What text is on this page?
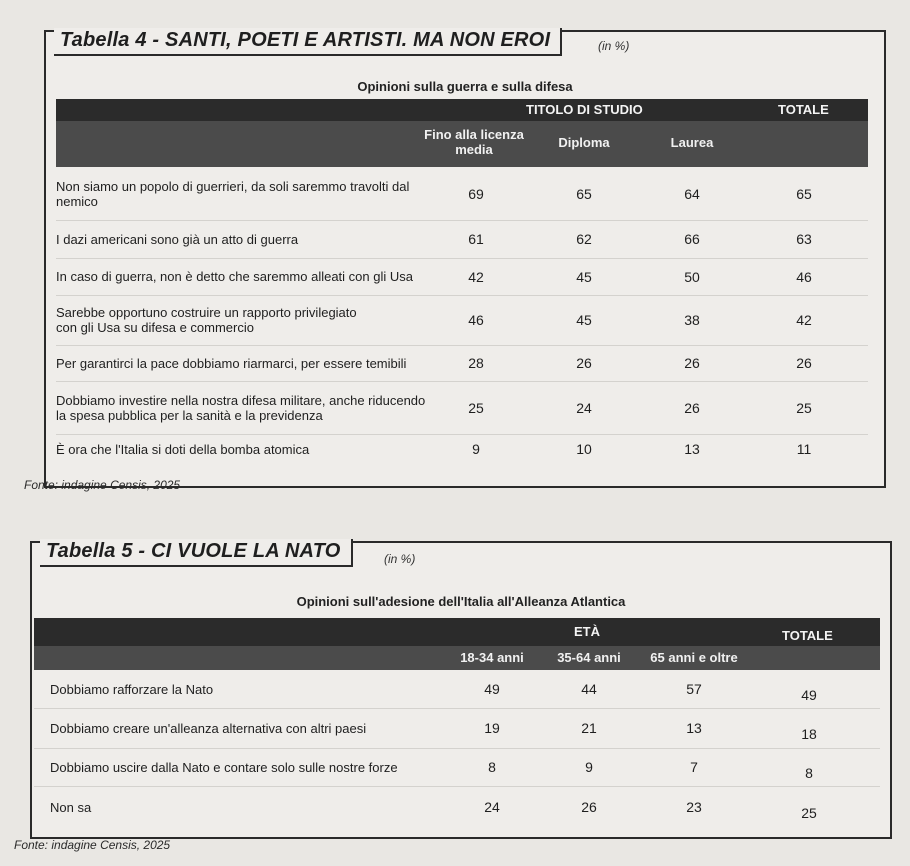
Tabella 4 - SANTI, POETI E ARTISTI. MA NON EROI	(in %)
Opinioni sulla guerra e sulla difesa
TITOLO DI STUDIO	TOTALE
Fino alla licenza media	Diploma	Laurea
Non siamo un popolo di guerrieri, da soli saremmo travolti dal nemico	69	65	64	65
I dazi americani sono già un atto di guerra	61	62	66	63
In caso di guerra, non è detto che saremmo alleati con gli Usa	42	45	50	46
Sarebbe opportuno costruire un rapporto privilegiato con gli Usa su difesa e commercio	46	45	38	42
Per garantirci la pace dobbiamo riarmarci, per essere temibili	28	26	26	26
Dobbiamo investire nella nostra difesa militare, anche riducendo la spesa pubblica per la sanità e la previdenza	25	24	26	25
È ora che l'Italia si doti della bomba atomica	9	10	13	11
Fonte: indagine Censis, 2025
Tabella 5 - CI VUOLE LA NATO	(in %)
Opinioni sull'adesione dell'Italia all'Alleanza Atlantica
ETÀ	TOTALE
18-34 anni	35-64 anni	65 anni e oltre
Dobbiamo rafforzare la Nato	49	44	57	49
Dobbiamo creare un'alleanza alternativa con altri paesi	19	21	13	18
Dobbiamo uscire dalla Nato e contare solo sulle nostre forze	8	9	7	8
Non sa	24	26	23	25
Fonte: indagine Censis, 2025
